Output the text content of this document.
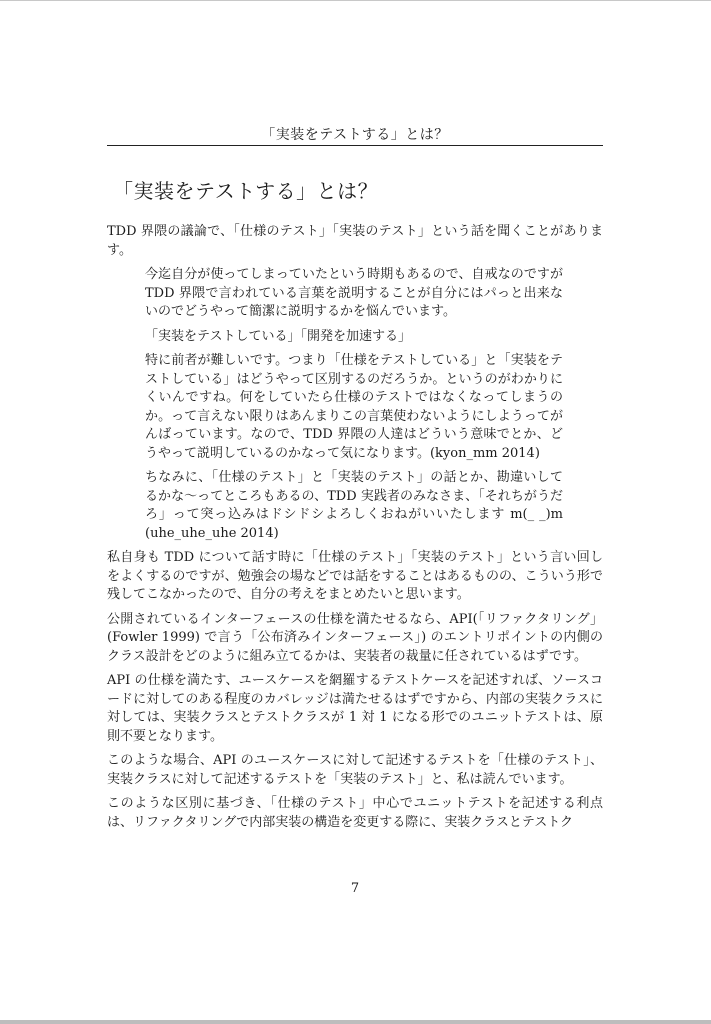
「実装をテストする」とは？
「実装をテストする」とは？

TDD 界隈の議論で、「仕様のテスト」「実装のテスト」という話を聞くことがあります。

今迄自分が使ってしまっていたという時期もあるので、自戒なのですが TDD 界隈で言われている言葉を説明することが自分にはパっと出来ないのでどうやって簡潔に説明するかを悩んでいます。

「実装をテストしている」「開発を加速する」

特に前者が難しいです。つまり「仕様をテストしている」と「実装をテストしている」はどうやって区別するのだろうか。というのがわかりにくいんですね。何をしていたら仕様のテストではなくなってしまうのか。って言えない限りはあんまりこの言葉使わないようにしようってがんばっています。なので、TDD 界隈の人達はどういう意味でとか、どうやって説明しているのかなって気になります。(kyon_mm 2014)

ちなみに、「仕様のテスト」と「実装のテスト」の話とか、勘違いしてるかな〜ってところもあるの、TDD 実践者のみなさま、「それちがうだろ」って突っ込みはドシドシよろしくおねがいいたします m(_ _)m (uhe_uhe_uhe 2014)

私自身も TDD について話す時に「仕様のテスト」「実装のテスト」という言い回しをよくするのですが、勉強会の場などでは話をすることはあるものの、こういう形で残してこなかったので、自分の考えをまとめたいと思います。

公開されているインターフェースの仕様を満たせるなら、API(「リファクタリング」(Fowler 1999) で言う「公布済みインターフェース」) のエントリポイントの内側のクラス設計をどのように組み立てるかは、実装者の裁量に任されているはずです。

API の仕様を満たす、ユースケースを網羅するテストケースを記述すれば、ソースコードに対してのある程度のカバレッジは満たせるはずですから、内部の実装クラスに対しては、実装クラスとテストクラスが 1 対 1 になる形でのユニットテストは、原則不要となります。

このような場合、API のユースケースに対して記述するテストを「仕様のテスト」、実装クラスに対して記述するテストを「実装のテスト」と、私は読んでいます。

このような区別に基づき、「仕様のテスト」中心でユニットテストを記述する利点は、リファクタリングで内部実装の構造を変更する際に、実装クラスとテストク

7
